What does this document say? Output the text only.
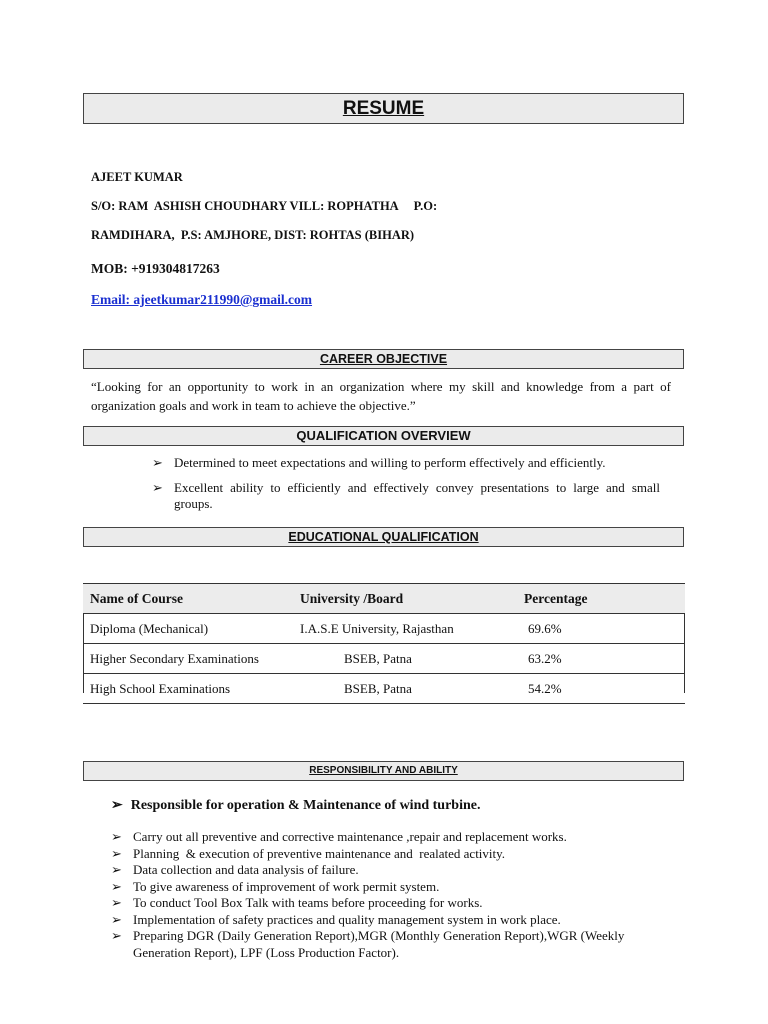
RESUME
AJEET KUMAR
S/O: RAM  ASHISH CHOUDHARY VILL: ROPHATHA     P.O:
RAMDIHARA,  P.S: AMJHORE, DIST: ROHTAS (BIHAR)
MOB: +919304817263
Email: ajeetkumar211990@gmail.com
CAREER OBJECTIVE
“Looking for an opportunity to work in an organization where my skill and knowledge from a part of organization goals and work in team to achieve the objective.”
QUALIFICATION OVERVIEW
➢ Determined to meet expectations and willing to perform effectively and efficiently.
➢ Excellent ability to efficiently and effectively convey presentations to large and small groups.
EDUCATIONAL QUALIFICATION
Name of Course	University /Board	Percentage
Diploma (Mechanical)	I.A.S.E University, Rajasthan	69.6%
Higher Secondary Examinations	BSEB, Patna	63.2%
High School Examinations	BSEB, Patna	54.2%
RESPONSIBILITY AND ABILITY
➢ Responsible for operation & Maintenance of wind turbine.
➢ Carry out all preventive and corrective maintenance ,repair and replacement works.
➢ Planning  & execution of preventive maintenance and  realated activity.
➢ Data collection and data analysis of failure.
➢ To give awareness of improvement of work permit system.
➢ To conduct Tool Box Talk with teams before proceeding for works.
➢ Implementation of safety practices and quality management system in work place.
➢ Preparing DGR (Daily Generation Report),MGR (Monthly Generation Report),WGR (Weekly Generation Report), LPF (Loss Production Factor).
